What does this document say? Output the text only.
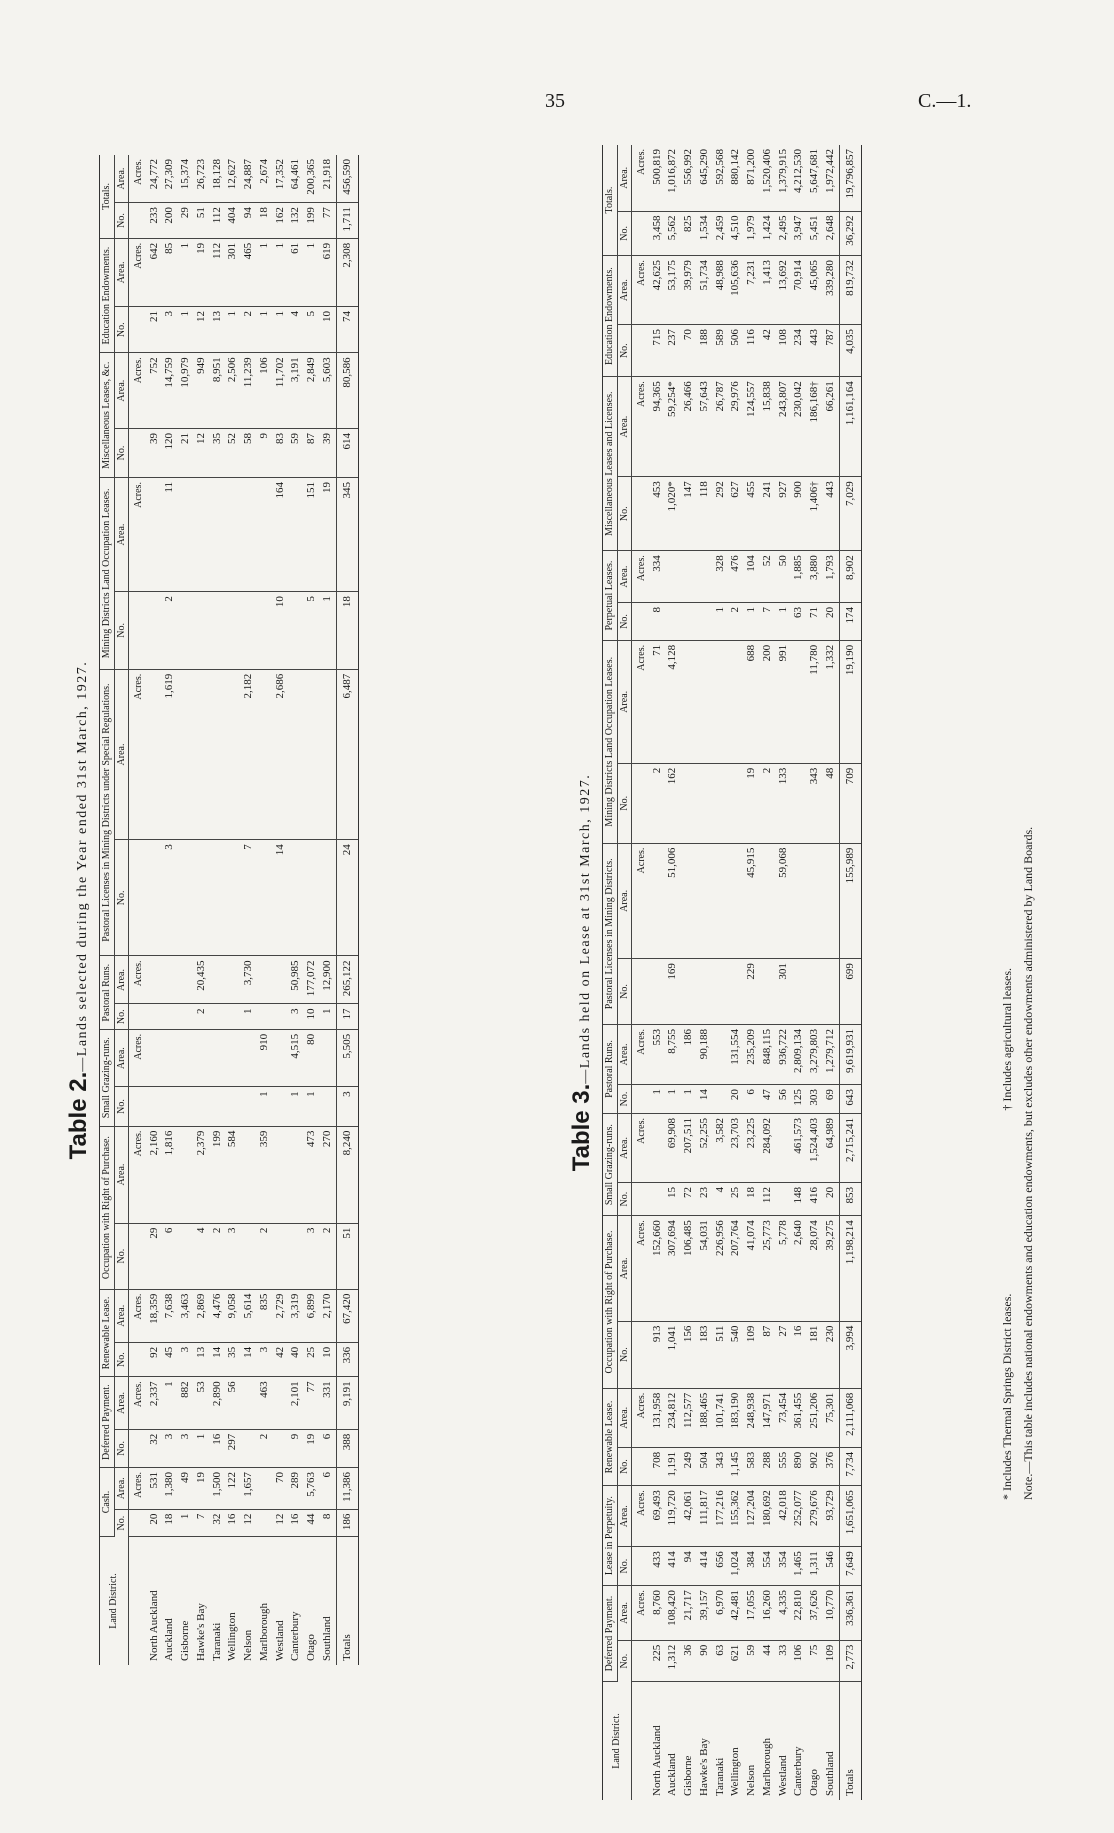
35	C.—1.
Table 2.—Lands selected during the Year ended 31st March, 1927.
Land District.	Cash.		Deferred Payment.		Renewable Lease.		Occupation with Right of Purchase.		Small Grazing-runs.		Pastoral Runs.		Pastoral Licenses in Mining Districts under Special Regulations.		Mining Districts Land Occupation Leases.		Miscellaneous Leases, &c.		Education Endowments.		Totals.	
	No.	Area.	No.	Area.	No.	Area.	No.	Area.	No.	Area.	No.	Area.	No.	Area.	No.	Area.	No.	Area.	No.	Area.	No.	Area.
		Acres.		Acres.		Acres.		Acres.		Acres.		Acres.		Acres.		Acres.		Acres.		Acres.		Acres.
North Auckland	20	531	32	2,337	92	18,359	29	2,160									39	752	21	642	233	24,772
Auckland	18	1,380	3	1	45	7,638	6	1,816					3	1,619	2	11	120	14,759	3	85	200	27,309
Gisborne	1	49	3	882	3	3,463											21	10,979	1	1	29	15,374
Hawke's Bay	7	19	1	53	13	2,869	4	2,379			2	20,435					12	949	12	19	51	26,723
Taranaki	32	1,500	16	2,890	14	4,476	2	199									35	8,951	13	112	112	18,128
Wellington	16	122	297	56	35	9,058	3	584									52	2,506	1	301	404	12,627
Nelson	12	1,657			14	5,614					1	3,730	7	2,182			58	11,239	2	465	94	24,887
Marlborough			2	463	3	835	2	359	1	910							9	106	1	1	18	2,674
Westland	12	70			42	2,729							14	2,686	10	164	83	11,702	1	1	162	17,352
Canterbury	16	289	9	2,101	40	3,319			1	4,515	3	50,985					59	3,191	4	61	132	64,461
Otago	44	5,763	19	77	25	6,899	3	473	1	80	10	177,072			5	151	87	2,849	5	1	199	200,365
Southland	8	6	6	331	10	2,170	2	270			1	12,900			1	19	39	5,603	10	619	77	21,918
Totals	186	11,386	388	9,191	336	67,420	51	8,240	3	5,505	17	265,122	24	6,487	18	345	614	80,586	74	2,308	1,711	456,590
Table 3.—Lands held on Lease at 31st March, 1927.
Land District.	Deferred Payment.		Lease in Perpetuity.		Renewable Lease.		Occupation with Right of Purchase.		Small Grazing-runs.		Pastoral Runs.		Pastoral Licenses in Mining Districts.		Mining Districts Land Occupation Leases.		Perpetual Leases.		Miscellaneous Leases and Licenses.		Education Endowments.		Totals.	
	No.	Area.	No.	Area.	No.	Area.	No.	Area.	No.	Area.	No.	Area.	No.	Area.	No.	Area.	No.	Area.	No.	Area.	No.	Area.	No.	Area.
		Acres.		Acres.		Acres.		Acres.		Acres.		Acres.		Acres.		Acres.		Acres.		Acres.		Acres.		Acres.
North Auckland	225	8,760	433	69,493	708	131,958	913	152,660			1	553			2	71	8	334	453	94,365	715	42,625	3,458	500,819
Auckland	1,312	108,420	414	119,720	1,191	234,812	1,041	307,694	15	69,908	1	8,755	169	51,006	162	4,128			1,020*	59,254*	237	53,175	5,562	1,016,872
Gisborne	36	21,717	94	42,061	249	112,577	156	106,485	72	207,511	1	186							147	26,466	70	39,979	825	556,992
Hawke's Bay	90	39,157	414	111,817	504	188,465	183	54,031	23	52,255	14	90,188							118	57,643	188	51,734	1,534	645,290
Taranaki	63	6,970	656	177,216	343	101,741	511	226,956	4	3,582							1	328	292	26,787	589	48,988	2,459	592,568
Wellington	621	42,481	1,024	155,362	1,145	183,190	540	207,764	25	23,703	20	131,554					2	476	627	29,976	506	105,636	4,510	880,142
Nelson	59	17,055	384	127,204	583	248,938	109	41,074	18	23,225	6	235,209	229	45,915	19	688	1	104	455	124,557	116	7,231	1,979	871,200
Marlborough	44	16,260	554	180,692	288	147,971	87	25,773	112	284,092	47	848,115			2	200	7	52	241	15,838	42	1,413	1,424	1,520,406
Westland	33	4,335	354	42,018	555	73,454	27	5,778			56	936,722	301	59,068	133	991	1	50	927	243,807	108	13,692	2,495	1,379,915
Canterbury	106	22,810	1,465	252,077	890	361,455	16	2,640	148	461,573	125	2,809,134					63	1,885	900	230,042	234	70,914	3,947	4,212,530
Otago	75	37,626	1,311	279,676	902	251,206	181	28,074	416	1,524,403	303	3,279,803			343	11,780	71	3,880	1,406†	186,168†	443	45,065	5,451	5,647,681
Southland	109	10,770	546	93,729	376	75,301	230	39,275	20	64,989	69	1,279,712			48	1,332	20	1,793	443	66,261	787	339,280	2,648	1,972,442
Totals	2,773	336,361	7,649	1,651,065	7,734	2,111,068	3,994	1,198,214	853	2,715,241	643	9,619,931	699	155,989	709	19,190	174	8,902	7,029	1,161,164	4,035	819,732	36,292	19,796,857

* Includes Thermal Springs District leases. † Includes agricultural leases. Note.—This table includes national endowments and education endowments, but excludes other endowments administered by Land Boards.
